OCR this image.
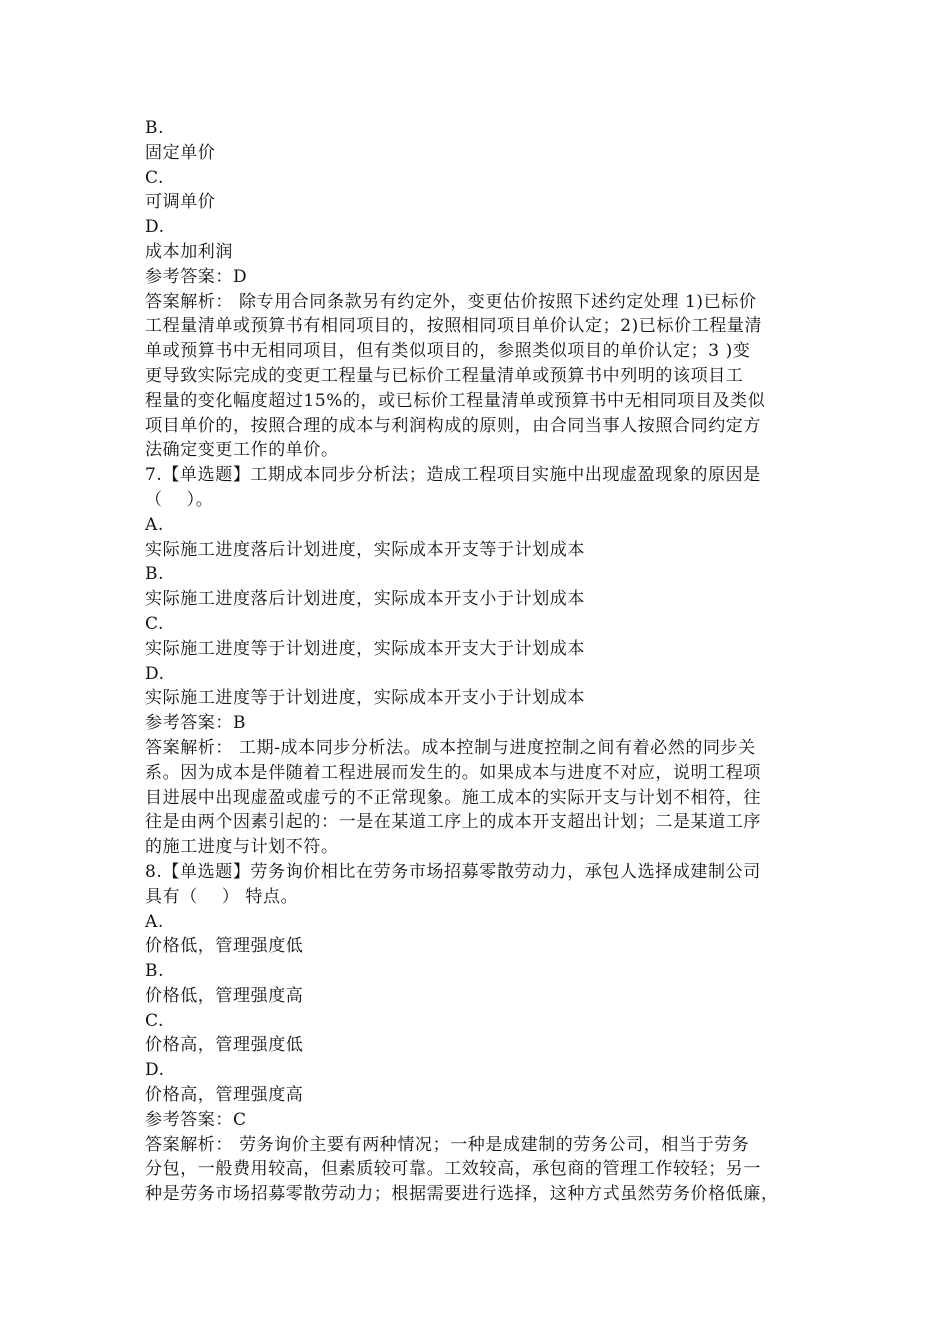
B.
固定单价
C.
可调单价
D.
成本加利润
参考答案：D
答案解析： 除专用合同条款另有约定外，变更估价按照下述约定处理 1)已标价
工程量清单或预算书有相同项目的，按照相同项目单价认定；2)已标价工程量清
单或预算书中无相同项目，但有类似项目的，参照类似项目的单价认定；3 )变
更导致实际完成的变更工程量与已标价工程量清单或预算书中列明的该项目工
程量的变化幅度超过15%的，或已标价工程量清单或预算书中无相同项目及类似
项目单价的，按照合理的成本与利润构成的原则，由合同当事人按照合同约定方
法确定变更工作的单价。
7.【单选题】工期成本同步分析法；造成工程项目实施中出现虚盈现象的原因是
（    ）。
A.
实际施工进度落后计划进度，实际成本开支等于计划成本
B.
实际施工进度落后计划进度，实际成本开支小于计划成本
C.
实际施工进度等于计划进度，实际成本开支大于计划成本
D.
实际施工进度等于计划进度，实际成本开支小于计划成本
参考答案：B
答案解析： 工期-成本同步分析法。成本控制与进度控制之间有着必然的同步关
系。因为成本是伴随着工程进展而发生的。如果成本与进度不对应，说明工程项
目进展中出现虚盈或虚亏的不正常现象。施工成本的实际开支与计划不相符，往
往是由两个因素引起的：一是在某道工序上的成本开支超出计划；二是某道工序
的施工进度与计划不符。
8.【单选题】劳务询价相比在劳务市场招募零散劳动力，承包人选择成建制公司
具有（    ） 特点。
A.
价格低，管理强度低
B.
价格低，管理强度高
C.
价格高，管理强度低
D.
价格高，管理强度高
参考答案：C
答案解析： 劳务询价主要有两种情况；一种是成建制的劳务公司，相当于劳务
分包，一般费用较高，但素质较可靠。工效较高，承包商的管理工作较轻；另一
种是劳务市场招募零散劳动力；根据需要进行选择，这种方式虽然劳务价格低廉，
